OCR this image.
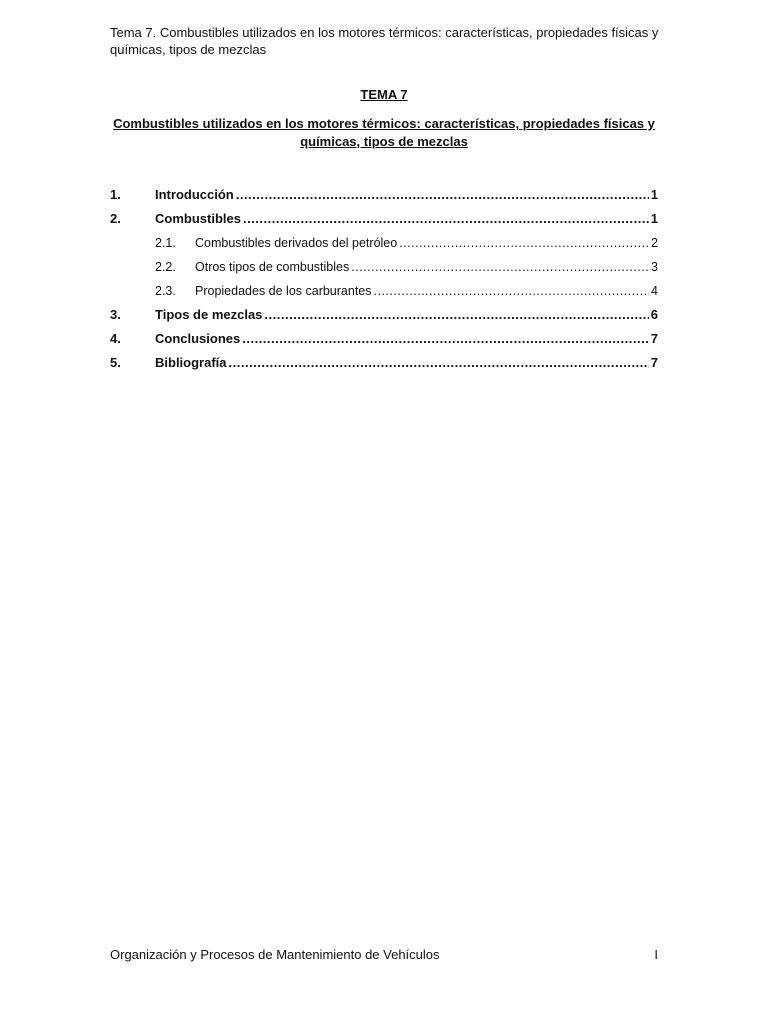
Tema 7. Combustibles utilizados en los motores térmicos: características, propiedades físicas y químicas, tipos de mezclas
TEMA 7
Combustibles utilizados en los motores térmicos: características, propiedades físicas y químicas, tipos de mezclas
1.	Introducción .....	1
2.	Combustibles .....	1
2.1.	Combustibles derivados del petróleo .....	2
2.2.	Otros tipos de combustibles .....	3
2.3.	Propiedades de los carburantes .....	4
3.	Tipos de mezclas .....	6
4.	Conclusiones .....	7
5.	Bibliografía .....	7
Organización y Procesos de Mantenimiento de Vehículos	I
